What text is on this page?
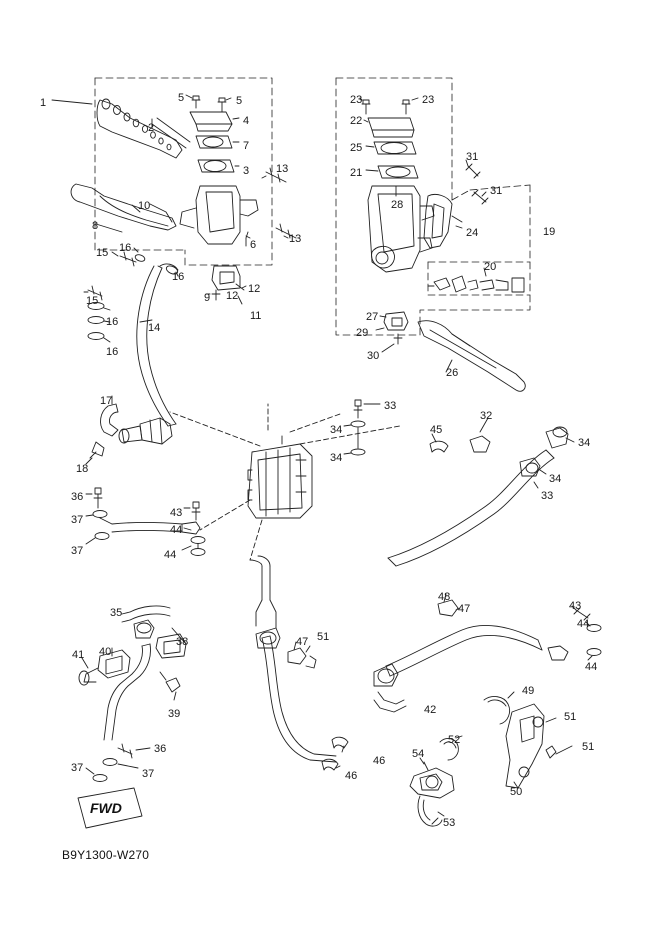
FWD
B9Y1300-W270
1	5	5
4
2
7
3 13
8
10
6	13
15 16
16
12
9 12
15
16	11
14
16
23	23
22
25
21
31
31
28
24	19
20
27
29
30
26
17
18
33
34
34
45
32
34
34
33
36
37
43
44
37	44
48
47	43
44
35
38	47 51
44
41 40
39
49
42
51
52
36
46
54
51
37
37
46
50
53
